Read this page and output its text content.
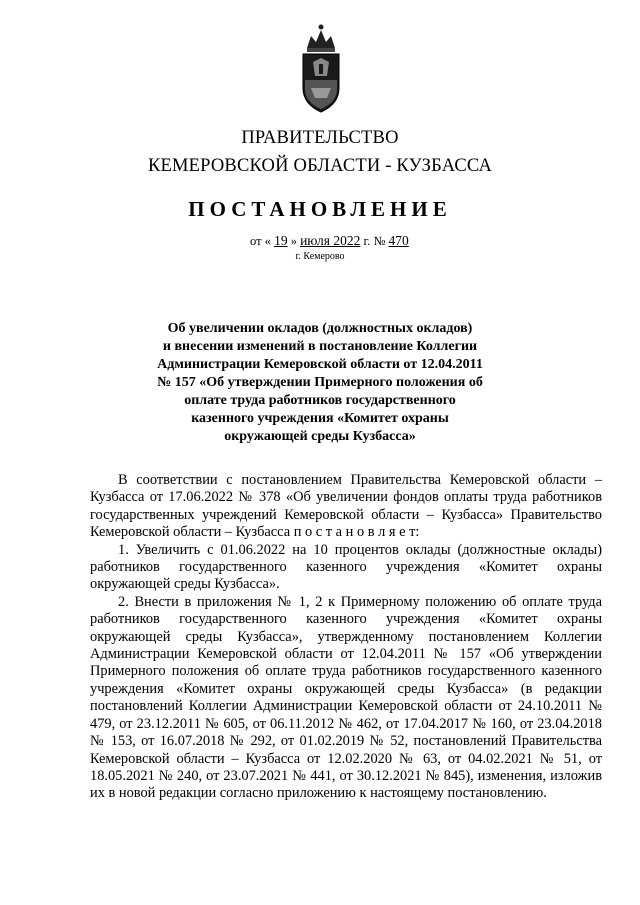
ПРАВИТЕЛЬСТВО
КЕМЕРОВСКОЙ ОБЛАСТИ - КУЗБАССА
ПОСТАНОВЛЕНИЕ
от « 19 » июля 2022 г. № 470
г. Кемерово
Об увеличении окладов (должностных окладов)
и внесении изменений в постановление Коллегии
Администрации Кемеровской области от 12.04.2011
№ 157 «Об утверждении Примерного положения об
оплате труда работников государственного
казенного учреждения «Комитет охраны
окружающей среды Кузбасса»

В соответствии с постановлением Правительства Кемеровской области – Кузбасса от 17.06.2022 № 378 «Об увеличении фондов оплаты труда работников государственных учреждений Кемеровской области – Кузбасса» Правительство Кемеровской области – Кузбасса п о с т а н о в л я е т:

1. Увеличить с 01.06.2022 на 10 процентов оклады (должностные оклады) работников государственного казенного учреждения «Комитет охраны окружающей среды Кузбасса».

2. Внести в приложения № 1, 2 к Примерному положению об оплате труда работников государственного казенного учреждения «Комитет охраны окружающей среды Кузбасса», утвержденному постановлением Коллегии Администрации Кемеровской области от 12.04.2011 № 157 «Об утверждении Примерного положения об оплате труда работников государственного казенного учреждения «Комитет охраны окружающей среды Кузбасса» (в редакции постановлений Коллегии Администрации Кемеровской области от 24.10.2011 № 479, от 23.12.2011 № 605, от 06.11.2012 № 462, от 17.04.2017 № 160, от 23.04.2018 № 153, от 16.07.2018 № 292, от 01.02.2019 № 52, постановлений Правительства Кемеровской области – Кузбасса от 12.02.2020 № 63, от 04.02.2021 № 51, от 18.05.2021 № 240, от 23.07.2021 № 441, от 30.12.2021 № 845), изменения, изложив их в новой редакции согласно приложению к настоящему постановлению.
